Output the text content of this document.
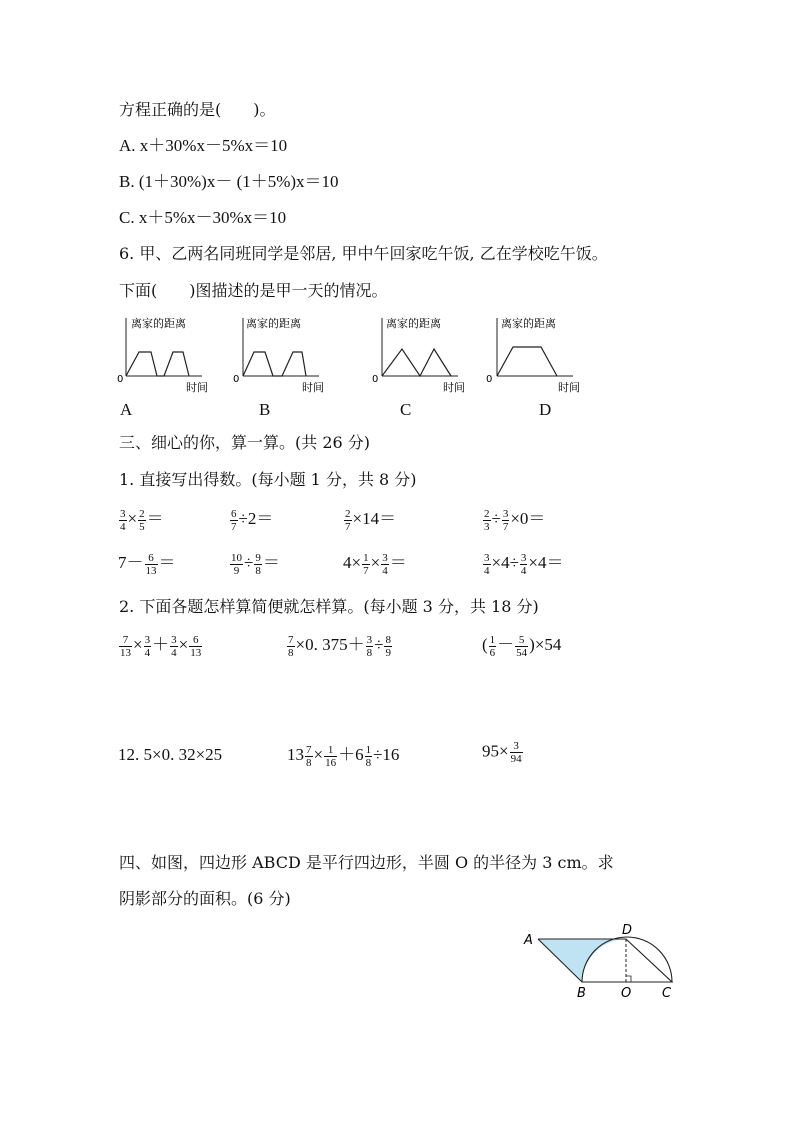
方程正确的是(　　)。
A. x＋30%x－5%x＝10
B. (1＋30%)x－ (1＋5%)x＝10
C. x＋5%x－30%x＝10
6. 甲、乙两名同班同学是邻居, 甲中午回家吃午饭, 乙在学校吃午饭。
下面(　　)图描述的是甲一天的情况。
离家的距离
0
时间
离家的距离
0
时间
离家的距离
0
时间
离家的距离
0
时间
A	B	C	D
三、细心的你，算一算。(共 26 分)
1. 直接写出得数。(每小题 1 分，共 8 分)
$\frac{3}{4} \times \frac{2}{5}$ ＝	$\frac{6}{7} \div 2=$	$\frac{2}{7} \times 14=$	$\frac{2}{3} \div \frac{3}{7} \times 0=$
$7- \frac{6}{13}$ ＝	$\frac{10}{9} \div \frac{9}{8}$ ＝	$4\times \frac{1}{7} \times \frac{3}{4}$ ＝	$\frac{3}{4} \times 4\div \frac{3}{4} \times 4=$
2. 下面各题怎样算简便就怎样算。(每小题 3 分，共 18 分)
$\frac{7}{13} \times \frac{3}{4} + \frac{3}{4} \times \frac{6}{13}$	$\frac{7}{8} \times 0$. $375+ \frac{3}{8} \div \frac{8}{9}$	( $\frac{1}{6} - \frac{5}{54} )\times 54$
12. 5×0. 32×25	$13 \frac{7}{8} \times \frac{1}{16} +6 \frac{1}{8} \div 16$	$95\times \frac{3}{94}$
四、如图，四边形 ABCD 是平行四边形，半圆 O 的半径为 3 cm。求
阴影部分的面积。(6 分)
A
D
B	O C
